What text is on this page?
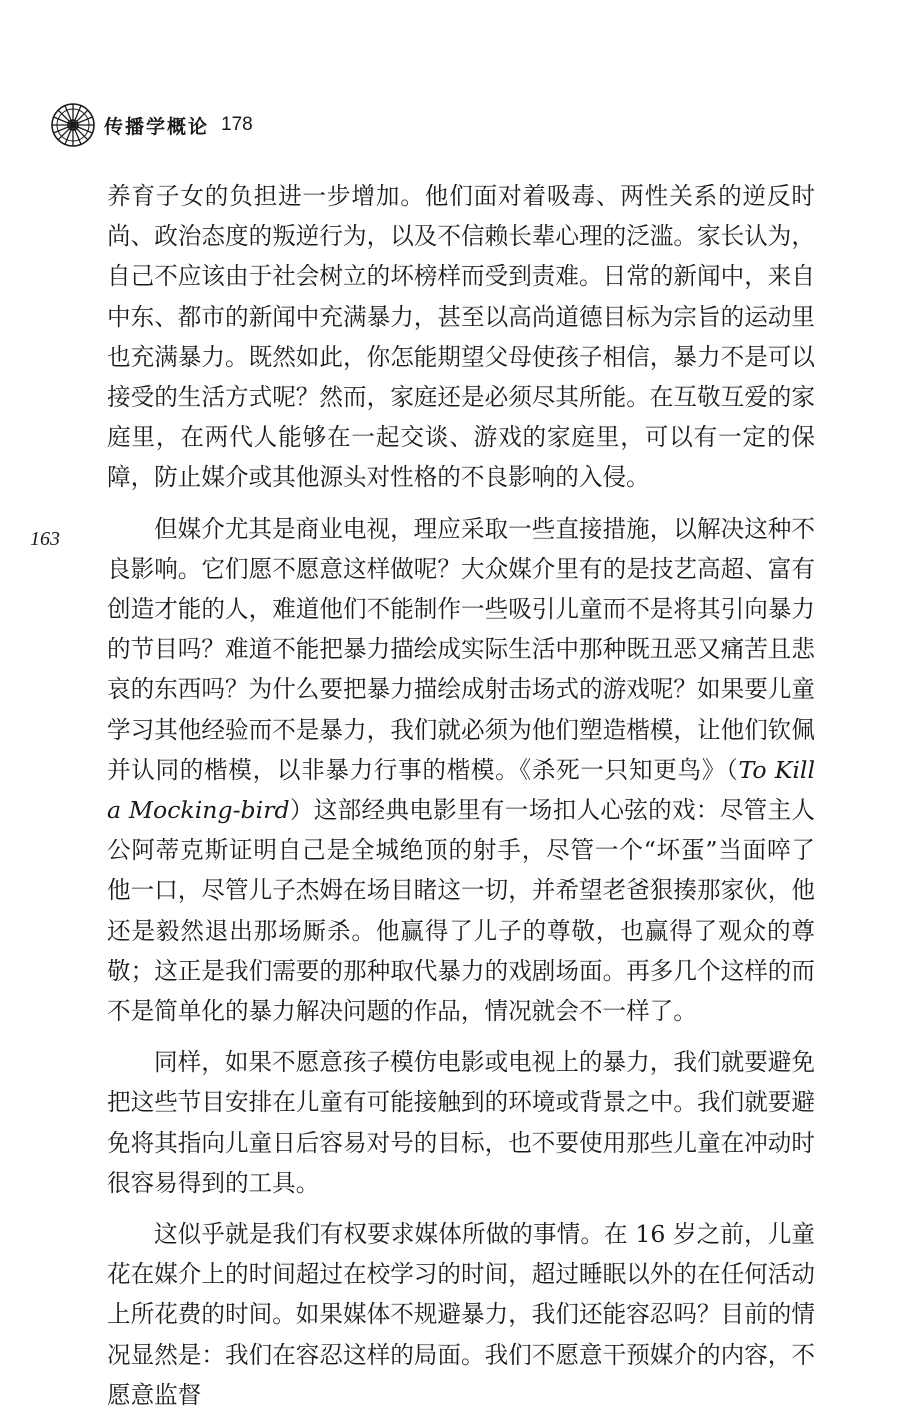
传播学概论 178
163

养育子女的负担进一步增加。他们面对着吸毒、两性关系的逆反时尚、政治态度的叛逆行为，以及不信赖长辈心理的泛滥。家长认为，自己不应该由于社会树立的坏榜样而受到责难。日常的新闻中，来自中东、都市的新闻中充满暴力，甚至以高尚道德目标为宗旨的运动里也充满暴力。既然如此，你怎能期望父母使孩子相信，暴力不是可以接受的生活方式呢？然而，家庭还是必须尽其所能。在互敬互爱的家庭里，在两代人能够在一起交谈、游戏的家庭里，可以有一定的保障，防止媒介或其他源头对性格的不良影响的入侵。

但媒介尤其是商业电视，理应采取一些直接措施，以解决这种不良影响。它们愿不愿意这样做呢？大众媒介里有的是技艺高超、富有创造才能的人，难道他们不能制作一些吸引儿童而不是将其引向暴力的节目吗？难道不能把暴力描绘成实际生活中那种既丑恶又痛苦且悲哀的东西吗？为什么要把暴力描绘成射击场式的游戏呢？如果要儿童学习其他经验而不是暴力，我们就必须为他们塑造楷模，让他们钦佩并认同的楷模，以非暴力行事的楷模。《杀死一只知更鸟》（To Kill a Mocking-bird）这部经典电影里有一场扣人心弦的戏：尽管主人公阿蒂克斯证明自己是全城绝顶的射手，尽管一个“坏蛋”当面啐了他一口，尽管儿子杰姆在场目睹这一切，并希望老爸狠揍那家伙，他还是毅然退出那场厮杀。他赢得了儿子的尊敬，也赢得了观众的尊敬；这正是我们需要的那种取代暴力的戏剧场面。再多几个这样的而不是简单化的暴力解决问题的作品，情况就会不一样了。

同样，如果不愿意孩子模仿电影或电视上的暴力，我们就要避免把这些节目安排在儿童有可能接触到的环境或背景之中。我们就要避免将其指向儿童日后容易对号的目标，也不要使用那些儿童在冲动时很容易得到的工具。

这似乎就是我们有权要求媒体所做的事情。在 16 岁之前，儿童花在媒介上的时间超过在校学习的时间，超过睡眠以外的在任何活动上所花费的时间。如果媒体不规避暴力，我们还能容忍吗？目前的情况显然是：我们在容忍这样的局面。我们不愿意干预媒介的内容，不愿意监督
